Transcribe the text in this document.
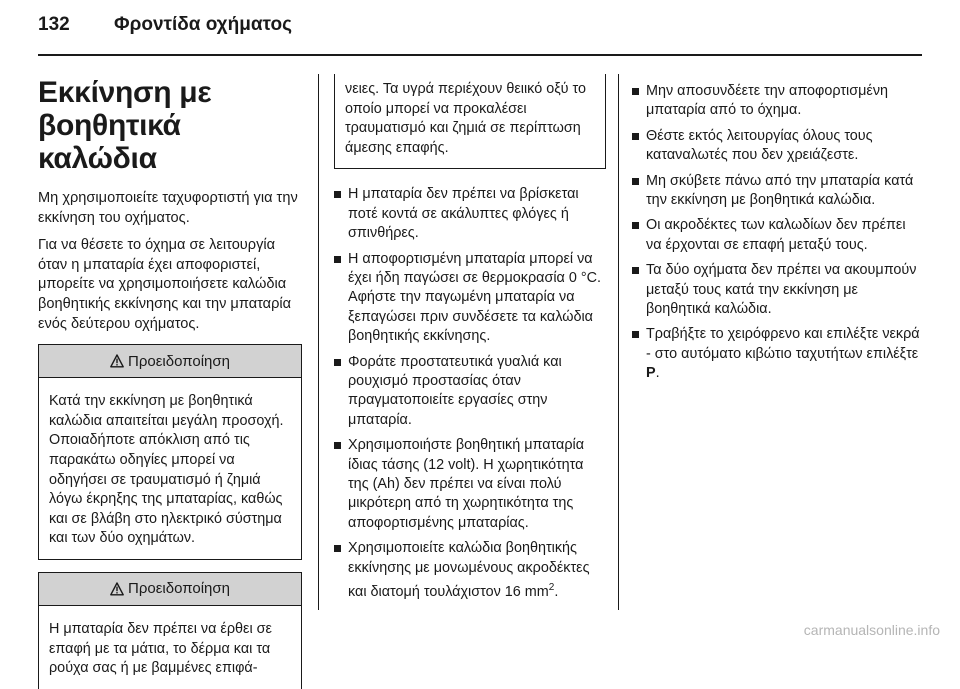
132	Φροντίδα οχήματος
Εκκίνηση με βοηθητικά καλώδια

Μη χρησιμοποιείτε ταχυφορτιστή για την εκκίνηση του οχήματος.

Για να θέσετε το όχημα σε λειτουργία όταν η μπαταρία έχει αποφοριστεί, μπορείτε να χρησιμοποιήσετε καλώδια βοηθητικής εκκίνησης και την μπαταρία ενός δεύτερου οχήματος.

Προειδοποίηση
Κατά την εκκίνηση με βοηθητικά καλώδια απαιτείται μεγάλη προσοχή. Οποιαδήποτε απόκλιση από τις παρακάτω οδηγίες μπορεί να οδηγήσει σε τραυματισμό ή ζημιά λόγω έκρηξης της μπαταρίας, καθώς και σε βλάβη στο ηλεκτρικό σύστημα και των δύο οχημάτων.
Προειδοποίηση
Η μπαταρία δεν πρέπει να έρθει σε επαφή με τα μάτια, το δέρμα και τα ρούχα σας ή με βαμμένες επιφά-
νειες. Τα υγρά περιέχουν θειικό οξύ το οποίο μπορεί να προκαλέσει τραυματισμό και ζημιά σε περίπτωση άμεσης επαφής.
Η μπαταρία δεν πρέπει να βρίσκεται ποτέ κοντά σε ακάλυπτες φλόγες ή σπινθήρες.
Η αποφορτισμένη μπαταρία μπορεί να έχει ήδη παγώσει σε θερμοκρασία 0 °C. Αφήστε την παγωμένη μπαταρία να ξεπαγώσει πριν συνδέσετε τα καλώδια βοηθητικής εκκίνησης.
Φοράτε προστατευτικά γυαλιά και ρουχισμό προστασίας όταν πραγματοποιείτε εργασίες στην μπαταρία.
Χρησιμοποιήστε βοηθητική μπαταρία ίδιας τάσης (12 volt). Η χωρητικότητα της (Ah) δεν πρέπει να είναι πολύ μικρότερη από τη χωρητικότητα της αποφορτισμένης μπαταρίας.
Χρησιμοποιείτε καλώδια βοηθητικής εκκίνησης με μονωμένους ακροδέκτες και διατομή τουλάχιστον 16 $mm^2$.
Μην αποσυνδέετε την αποφορτισμένη μπαταρία από το όχημα.
Θέστε εκτός λειτουργίας όλους τους καταναλωτές που δεν χρειάζεστε.
Μη σκύβετε πάνω από την μπαταρία κατά την εκκίνηση με βοηθητικά καλώδια.
Οι ακροδέκτες των καλωδίων δεν πρέπει να έρχονται σε επαφή μεταξύ τους.
Τα δύο οχήματα δεν πρέπει να ακουμπούν μεταξύ τους κατά την εκκίνηση με βοηθητικά καλώδια.
Τραβήξτε το χειρόφρενο και επιλέξτε νεκρά - στο αυτόματο κιβώτιο ταχυτήτων επιλέξτε P.
carmanualsonline.info
